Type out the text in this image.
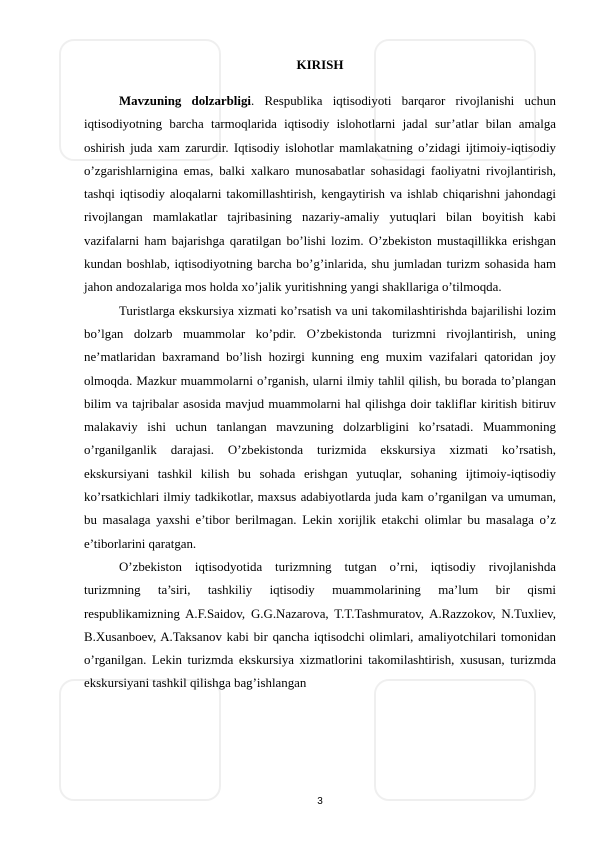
KIRISH

Mavzuning dolzarbligi. Respublika iqtisodiyoti barqaror rivojlanishi uchun iqtisodiyotning barcha tarmoqlarida iqtisodiy islohotlarni jadal sur’atlar bilan amalga oshirish juda xam zarurdir. Iqtisodiy islohotlar mamlakatning o’zidagi ijtimoiy-iqtisodiy o’zgarishlarnigina emas, balki xalkaro munosabatlar sohasidagi faoliyatni rivojlantirish, tashqi iqtisodiy aloqalarni takomillashtirish, kengaytirish va ishlab chiqarishni jahondagi rivojlangan mamlakatlar tajribasining nazariy-amaliy yutuqlari bilan boyitish kabi vazifalarni ham bajarishga qaratilgan bo’lishi lozim. O’zbekiston mustaqillikka erishgan kundan boshlab, iqtisodiyotning barcha bo’g’inlarida, shu jumladan turizm sohasida ham jahon andozalariga mos holda xo’jalik yuritishning yangi shakllariga o’tilmoqda.

Turistlarga ekskursiya xizmati ko’rsatish va uni takomilashtirishda bajarilishi lozim bo’lgan dolzarb muammolar ko’pdir. O’zbekistonda turizmni rivojlantirish, uning ne’matlaridan baxramand bo’lish hozirgi kunning eng muxim vazifalari qatoridan joy olmoqda. Mazkur muammolarni o’rganish, ularni ilmiy tahlil qilish, bu borada to’plangan bilim va tajribalar asosida mavjud muammolarni hal qilishga doir takliflar kiritish bitiruv malakaviy ishi uchun tanlangan mavzuning dolzarbligini ko’rsatadi. Muammoning o’rganilganlik darajasi. O’zbekistonda turizmida ekskursiya xizmati ko’rsatish, ekskursiyani tashkil kilish bu sohada erishgan yutuqlar, sohaning ijtimoiy-iqtisodiy ko’rsatkichlari ilmiy tadkikotlar, maxsus adabiyotlarda juda kam o’rganilgan va umuman, bu masalaga yaxshi e’tibor berilmagan. Lekin xorijlik etakchi olimlar bu masalaga o’z e’tiborlarini qaratgan.

O’zbekiston iqtisodyotida turizmning tutgan o’rni, iqtisodiy rivojlanishda turizmning ta’siri, tashkiliy iqtisodiy muammolarining ma’lum bir qismi respublikamizning A.F.Saidov, G.G.Nazarova, T.T.Tashmuratov, A.Razzokov, N.Tuxliev, B.Xusanboev, A.Taksanov kabi bir qancha iqtisodchi olimlari, amaliyotchilari tomonidan o’rganilgan. Lekin turizmda ekskursiya xizmatlorini takomilashtirish, xususan, turizmda ekskursiyani tashkil qilishga bag’ishlangan

3
